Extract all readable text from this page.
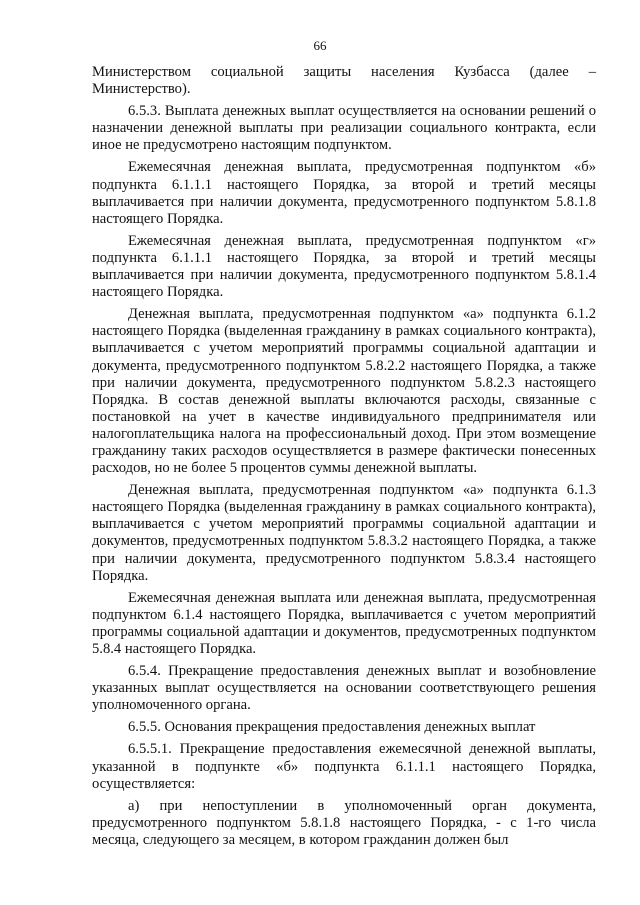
66

Министерством социальной защиты населения Кузбасса (далее – Министерство).

6.5.3. Выплата денежных выплат осуществляется на основании решений о назначении денежной выплаты при реализации социального контракта, если иное не предусмотрено настоящим подпунктом.

Ежемесячная денежная выплата, предусмотренная подпунктом «б» подпункта 6.1.1.1 настоящего Порядка, за второй и третий месяцы выплачивается при наличии документа, предусмотренного подпунктом 5.8.1.8 настоящего Порядка.

Ежемесячная денежная выплата, предусмотренная подпунктом «г» подпункта 6.1.1.1 настоящего Порядка, за второй и третий месяцы выплачивается при наличии документа, предусмотренного подпунктом 5.8.1.4 настоящего Порядка.

Денежная выплата, предусмотренная подпунктом «а» подпункта 6.1.2 настоящего Порядка (выделенная гражданину в рамках социального контракта), выплачивается с учетом мероприятий программы социальной адаптации и документа, предусмотренного подпунктом 5.8.2.2 настоящего Порядка, а также при наличии документа, предусмотренного подпунктом 5.8.2.3 настоящего Порядка. В состав денежной выплаты включаются расходы, связанные с постановкой на учет в качестве индивидуального предпринимателя или налогоплательщика налога на профессиональный доход. При этом возмещение гражданину таких расходов осуществляется в размере фактически понесенных расходов, но не более 5 процентов суммы денежной выплаты.

Денежная выплата, предусмотренная подпунктом «а» подпункта 6.1.3 настоящего Порядка (выделенная гражданину в рамках социального контракта), выплачивается с учетом мероприятий программы социальной адаптации и документов, предусмотренных подпунктом 5.8.3.2 настоящего Порядка, а также при наличии документа, предусмотренного подпунктом 5.8.3.4 настоящего Порядка.

Ежемесячная денежная выплата или денежная выплата, предусмотренная подпунктом 6.1.4 настоящего Порядка, выплачивается с учетом мероприятий программы социальной адаптации и документов, предусмотренных подпунктом 5.8.4 настоящего Порядка.

6.5.4. Прекращение предоставления денежных выплат и возобновление указанных выплат осуществляется на основании соответствующего решения уполномоченного органа.

6.5.5. Основания прекращения предоставления денежных выплат

6.5.5.1. Прекращение предоставления ежемесячной денежной выплаты, указанной в подпункте «б» подпункта 6.1.1.1 настоящего Порядка, осуществляется:

а) при непоступлении в уполномоченный орган документа, предусмотренного подпунктом 5.8.1.8 настоящего Порядка, - с 1-го числа месяца, следующего за месяцем, в котором гражданин должен был
